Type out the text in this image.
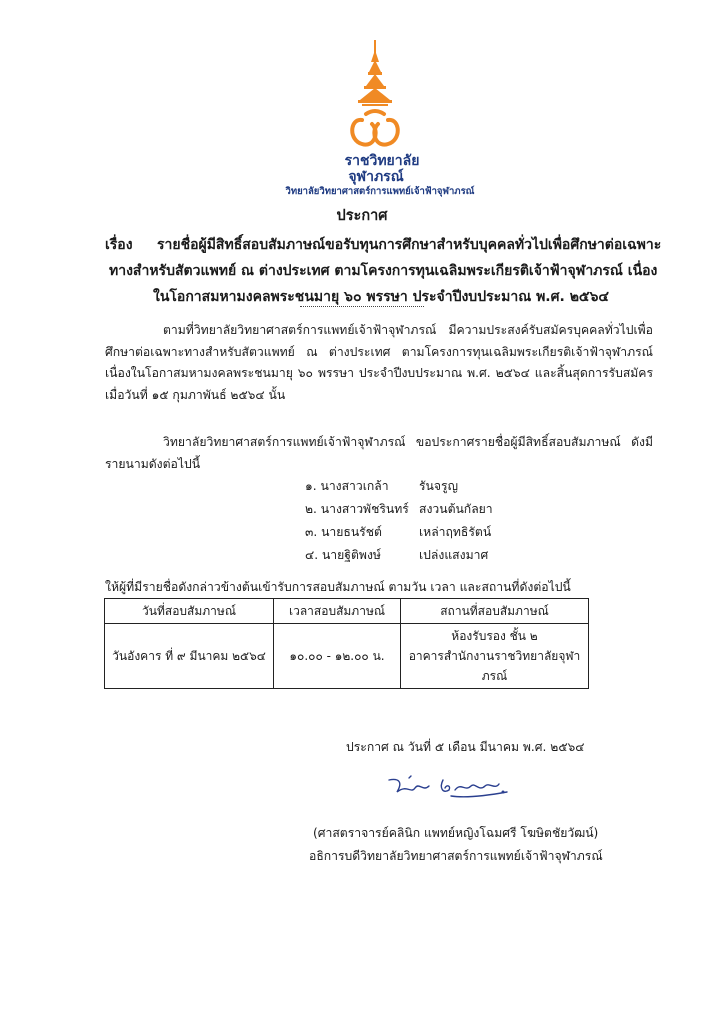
ราชวิทยาลัย
จุฬาภรณ์
วิทยาลัยวิทยาศาสตร์การแพทย์เจ้าฟ้าจุฬาภรณ์
ประกาศ
เรื่อง รายชื่อผู้มีสิทธิ์สอบสัมภาษณ์ขอรับทุนการศึกษาสำหรับบุคคลทั่วไปเพื่อศึกษาต่อเฉพาะ
ทางสำหรับสัตวแพทย์ ณ ต่างประเทศ ตามโครงการทุนเฉลิมพระเกียรติเจ้าฟ้าจุฬาภรณ์ เนื่อง
ในโอกาสมหามงคลพระชนมายุ ๖๐ พรรษา ประจำปีงบประมาณ พ.ศ. ๒๕๖๔
ตามที่วิทยาลัยวิทยาศาสตร์การแพทย์เจ้าฟ้าจุฬาภรณ์ มีความประสงค์รับสมัครบุคคลทั่วไปเพื่อศึกษาต่อเฉพาะทางสำหรับสัตวแพทย์ ณ ต่างประเทศ ตามโครงการทุนเฉลิมพระเกียรติเจ้าฟ้าจุฬาภรณ์ เนื่องในโอกาสมหามงคลพระชนมายุ ๖๐ พรรษา ประจำปีงบประมาณ พ.ศ. ๒๕๖๔ และสิ้นสุดการรับสมัครเมื่อวันที่ ๑๕ กุมภาพันธ์ ๒๕๖๔ นั้น
วิทยาลัยวิทยาศาสตร์การแพทย์เจ้าฟ้าจุฬาภรณ์ ขอประกาศรายชื่อผู้มีสิทธิ์สอบสัมภาษณ์ ดังมีรายนามดังต่อไปนี้
๑. นางสาวเกล้า รันจรูญ
๒. นางสาวพัชรินทร์ สงวนต้นกัลยา
๓. นายธนรัชต์	เหล่าฤทธิรัตน์
๔. นายฐิติพงษ์	เปล่งแสงมาศ
ให้ผู้ที่มีรายชื่อดังกล่าวข้างต้นเข้ารับการสอบสัมภาษณ์ ตามวัน เวลา และสถานที่ดังต่อไปนี้
วันที่สอบสัมภาษณ์	เวลาสอบสัมภาษณ์	สถานที่สอบสัมภาษณ์
วันอังคาร ที่ ๙ มีนาคม ๒๕๖๔	๑๐.๐๐ - ๑๒.๐๐ น.	ห้องรับรอง ชั้น ๒
อาคารสำนักงานราชวิทยาลัยจุฬาภรณ์
ประกาศ ณ วันที่ ๕ เดือน มีนาคม พ.ศ. ๒๕๖๔
(ศาสตราจารย์คลินิก แพทย์หญิงโฉมศรี โฆษิตชัยวัฒน์)
อธิการบดีวิทยาลัยวิทยาศาสตร์การแพทย์เจ้าฟ้าจุฬาภรณ์
